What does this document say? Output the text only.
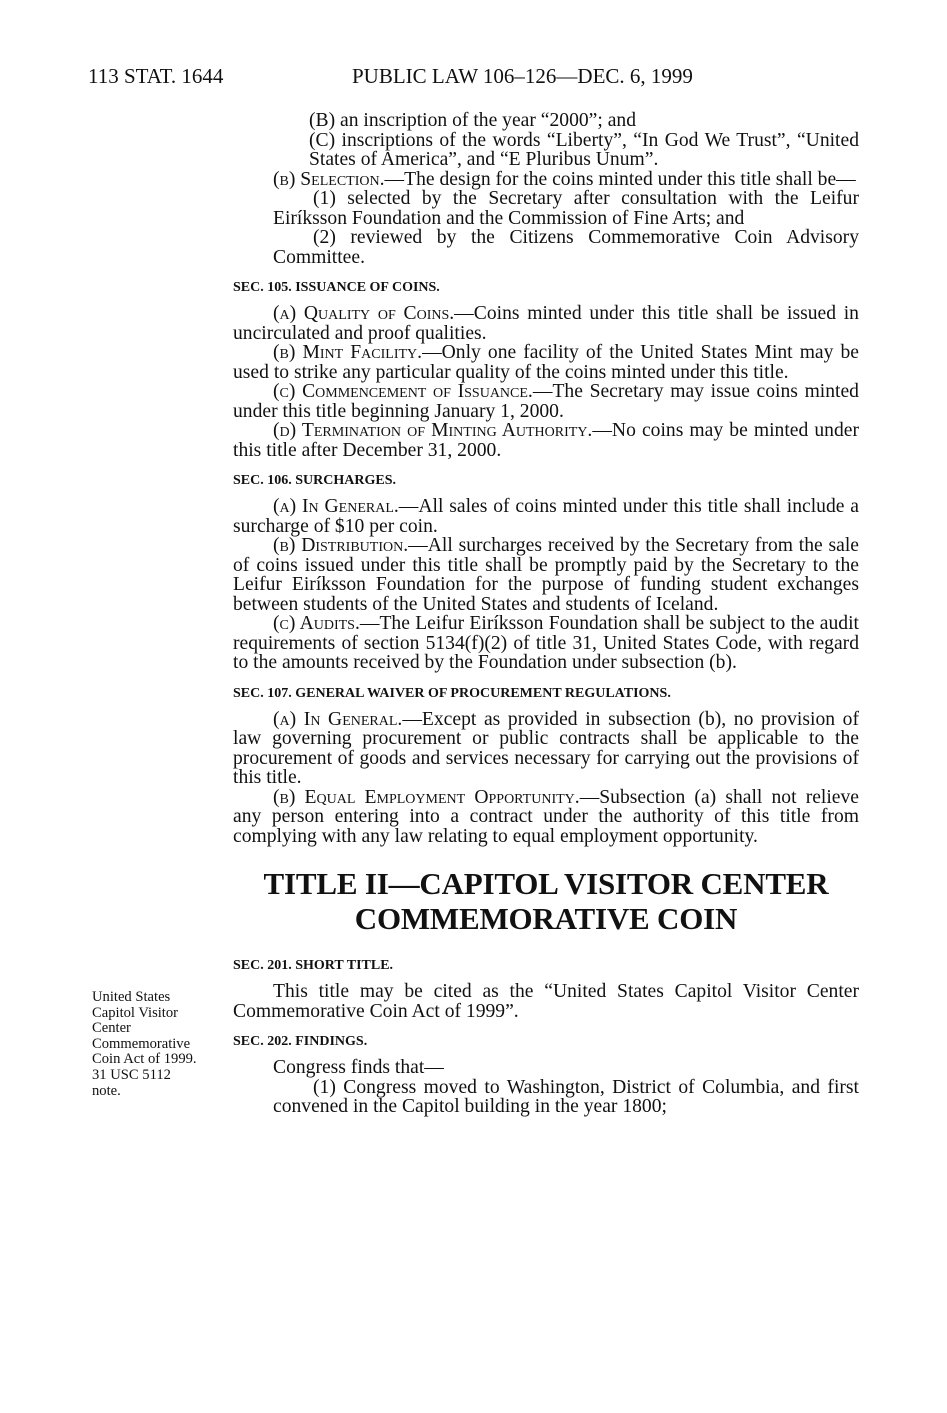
113 STAT. 1644	PUBLIC LAW 106–126—DEC. 6, 1999
United States
Capitol Visitor
Center
Commemorative
Coin Act of 1999.
31 USC 5112
note.

(B) an inscription of the year “2000”; and

(C) inscriptions of the words “Liberty”, “In God We Trust”, “United States of America”, and “E Pluribus Unum”.

(b) Selection.—The design for the coins minted under this title shall be—

(1) selected by the Secretary after consultation with the Leifur Eiríksson Foundation and the Commission of Fine Arts; and

(2) reviewed by the Citizens Commemorative Coin Advisory Committee.

SEC. 105. ISSUANCE OF COINS.

(a) Quality of Coins.—Coins minted under this title shall be issued in uncirculated and proof qualities.

(b) Mint Facility.—Only one facility of the United States Mint may be used to strike any particular quality of the coins minted under this title.

(c) Commencement of Issuance.—The Secretary may issue coins minted under this title beginning January 1, 2000.

(d) Termination of Minting Authority.—No coins may be minted under this title after December 31, 2000.

SEC. 106. SURCHARGES.

(a) In General.—All sales of coins minted under this title shall include a surcharge of $10 per coin.

(b) Distribution.—All surcharges received by the Secretary from the sale of coins issued under this title shall be promptly paid by the Secretary to the Leifur Eiríksson Foundation for the purpose of funding student exchanges between students of the United States and students of Iceland.

(c) Audits.—The Leifur Eiríksson Foundation shall be subject to the audit requirements of section 5134(f)(2) of title 31, United States Code, with regard to the amounts received by the Foundation under subsection (b).

SEC. 107. GENERAL WAIVER OF PROCUREMENT REGULATIONS.

(a) In General.—Except as provided in subsection (b), no provision of law governing procurement or public contracts shall be applicable to the procurement of goods and services necessary for carrying out the provisions of this title.

(b) Equal Employment Opportunity.—Subsection (a) shall not relieve any person entering into a contract under the authority of this title from complying with any law relating to equal employment opportunity.

TITLE II—CAPITOL VISITOR CENTER
COMMEMORATIVE COIN
SEC. 201. SHORT TITLE.

This title may be cited as the “United States Capitol Visitor Center Commemorative Coin Act of 1999”.

SEC. 202. FINDINGS.

Congress finds that—

(1) Congress moved to Washington, District of Columbia, and first convened in the Capitol building in the year 1800;
